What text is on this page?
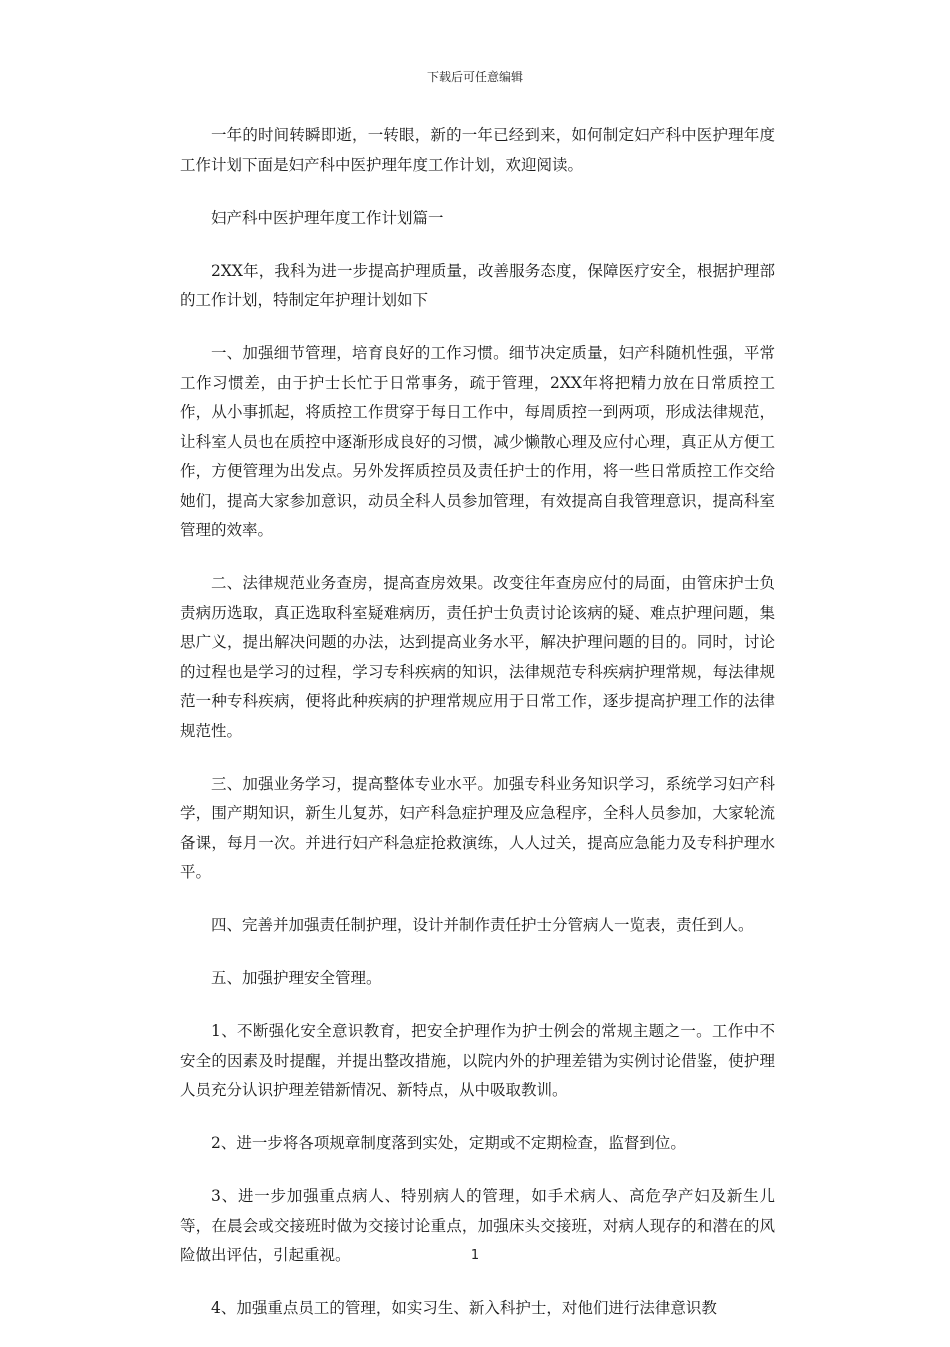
下载后可任意编辑

一年的时间转瞬即逝，一转眼，新的一年已经到来，如何制定妇产科中医护理年度工作计划下面是妇产科中医护理年度工作计划，欢迎阅读。

妇产科中医护理年度工作计划篇一

2XX年，我科为进一步提高护理质量，改善服务态度，保障医疗安全，根据护理部的工作计划，特制定年护理计划如下

一、加强细节管理，培育良好的工作习惯。细节决定质量，妇产科随机性强，平常工作习惯差，由于护士长忙于日常事务，疏于管理，2XX年将把精力放在日常质控工作，从小事抓起，将质控工作贯穿于每日工作中，每周质控一到两项，形成法律规范，让科室人员也在质控中逐渐形成良好的习惯，减少懒散心理及应付心理，真正从方便工作，方便管理为出发点。另外发挥质控员及责任护士的作用，将一些日常质控工作交给她们，提高大家参加意识，动员全科人员参加管理，有效提高自我管理意识，提高科室管理的效率。

二、法律规范业务查房，提高查房效果。改变往年查房应付的局面，由管床护士负责病历选取，真正选取科室疑难病历，责任护士负责讨论该病的疑、难点护理问题，集思广义，提出解决问题的办法，达到提高业务水平，解决护理问题的目的。同时，讨论的过程也是学习的过程，学习专科疾病的知识，法律规范专科疾病护理常规，每法律规范一种专科疾病，便将此种疾病的护理常规应用于日常工作，逐步提高护理工作的法律规范性。

三、加强业务学习，提高整体专业水平。加强专科业务知识学习，系统学习妇产科学，围产期知识，新生儿复苏，妇产科急症护理及应急程序，全科人员参加，大家轮流备课，每月一次。并进行妇产科急症抢救演练，人人过关，提高应急能力及专科护理水平。

四、完善并加强责任制护理，设计并制作责任护士分管病人一览表，责任到人。

五、加强护理安全管理。

1、不断强化安全意识教育，把安全护理作为护士例会的常规主题之一。工作中不安全的因素及时提醒，并提出整改措施，以院内外的护理差错为实例讨论借鉴，使护理人员充分认识护理差错新情况、新特点，从中吸取教训。

2、进一步将各项规章制度落到实处，定期或不定期检查，监督到位。

3、进一步加强重点病人、特别病人的管理，如手术病人、高危孕产妇及新生儿等，在晨会或交接班时做为交接讨论重点，加强床头交接班，对病人现存的和潜在的风险做出评估，引起重视。

4、加强重点员工的管理，如实习生、新入科护士，对他们进行法律意识教

1
